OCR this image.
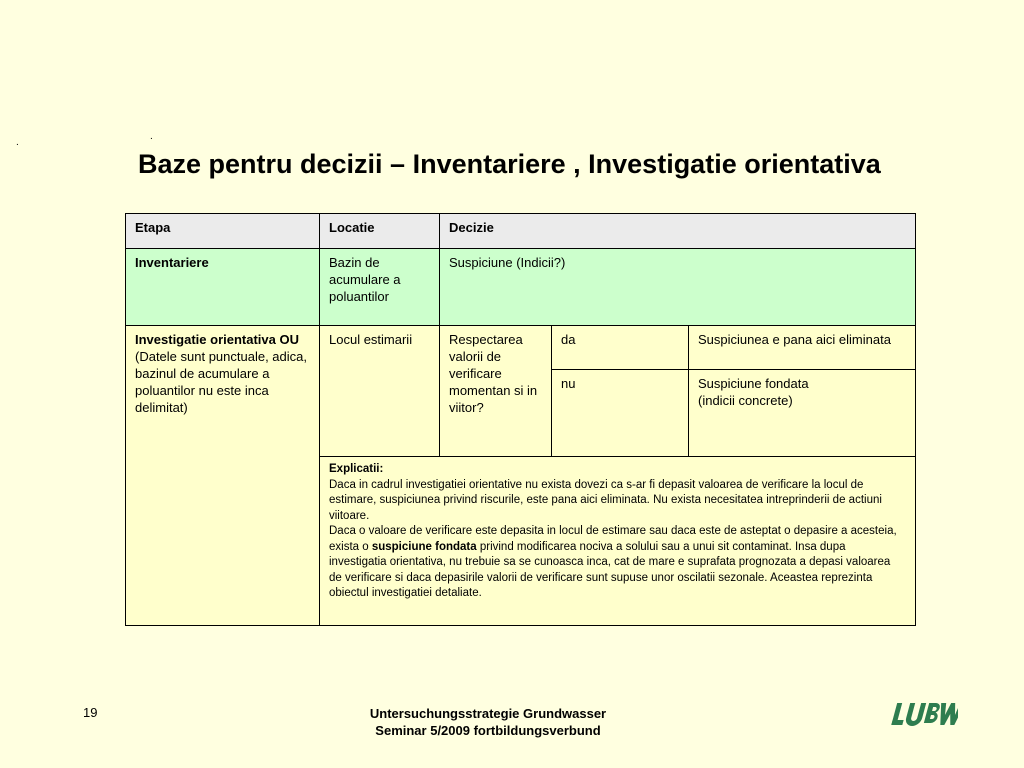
.
.
Baze pentru decizii – Inventariere , Investigatie orientativa
Etapa	Locatie	Decizie		
Inventariere	Bazin de acumulare a poluantilor	Suspiciune (Indicii?)		

Investigatie orientativa OU
(Datele sunt punctuale, adica, bazinul de acumulare a poluantilor nu este inca delimitat)	Locul estimarii	Respectarea valorii de verificare momentan si in viitor?	da	Suspiciunea e pana aici eliminata
			nu	Suspiciune fondata
(indicii concrete)

	Explicatii:
Daca in cadrul investigatiei orientative nu exista dovezi ca s-ar fi depasit valoarea de verificare la locul de estimare, suspiciunea privind riscurile, este pana aici eliminata. Nu exista necesitatea intreprinderii de actiuni viitoare.
Daca o valoare de verificare este depasita in locul de estimare sau daca este de asteptat o depasire a acesteia, exista o suspiciune fondata privind modificarea nociva a solului sau a unui sit contaminat. Insa dupa investigatia orientativa, nu trebuie sa se cunoasca inca, cat de mare e suprafata prognozata a depasi valoarea de verificare si daca depasirile valorii de verificare sunt supuse unor oscilatii sezonale. Aceastea reprezinta obiectul investigatiei detaliate.			
19	Untersuchungsstrategie Grundwasser
Seminar 5/2009 fortbildungsverbund
